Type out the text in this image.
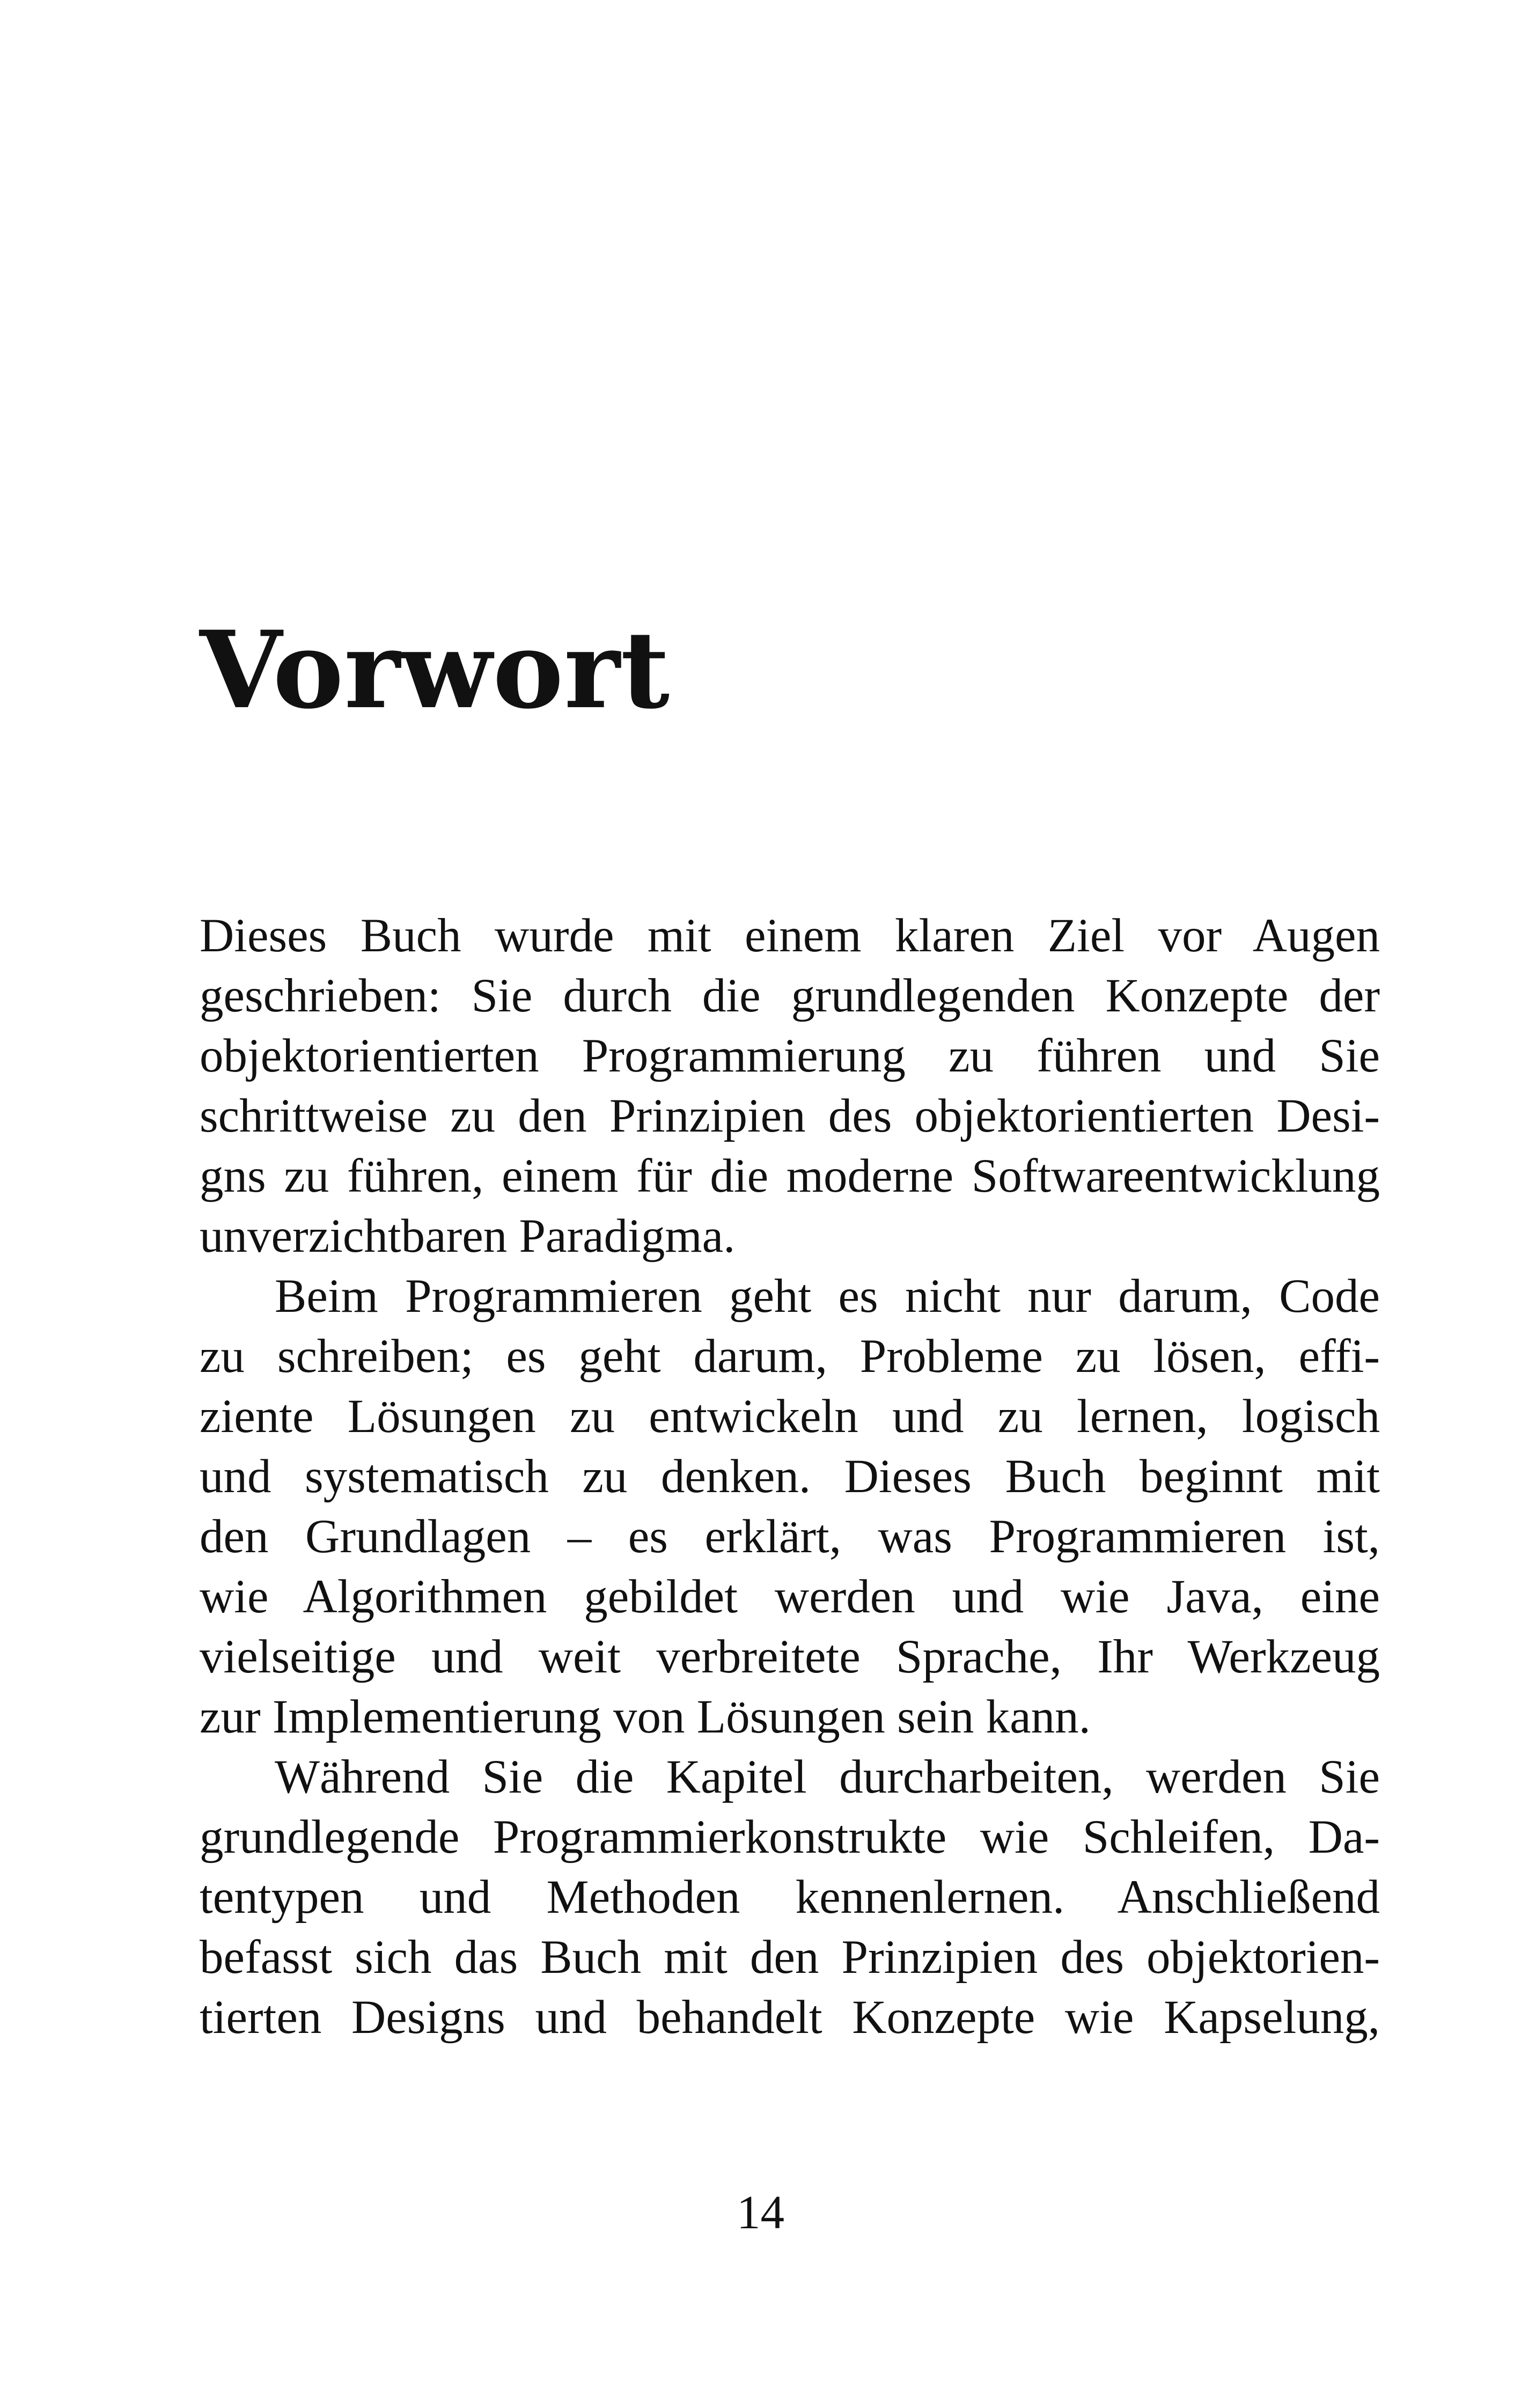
Vorwort
Dieses Buch wurde mit einem klaren Ziel vor Augen
geschrieben: Sie durch die grundlegenden Konzepte der
objektorientierten Programmierung zu führen und Sie
schrittweise zu den Prinzipien des objektorientierten Desi-
gns zu führen, einem für die moderne Softwareentwicklung
unverzichtbaren Paradigma.
Beim Programmieren geht es nicht nur darum, Code
zu schreiben; es geht darum, Probleme zu lösen, effi-
ziente Lösungen zu entwickeln und zu lernen, logisch
und systematisch zu denken. Dieses Buch beginnt mit
den Grundlagen – es erklärt, was Programmieren ist,
wie Algorithmen gebildet werden und wie Java, eine
vielseitige und weit verbreitete Sprache, Ihr Werkzeug
zur Implementierung von Lösungen sein kann.
Während Sie die Kapitel durcharbeiten, werden Sie
grundlegende Programmierkonstrukte wie Schleifen, Da-
tentypen und Methoden kennenlernen. Anschließend
befasst sich das Buch mit den Prinzipien des objektorien-
tierten Designs und behandelt Konzepte wie Kapselung,
14
